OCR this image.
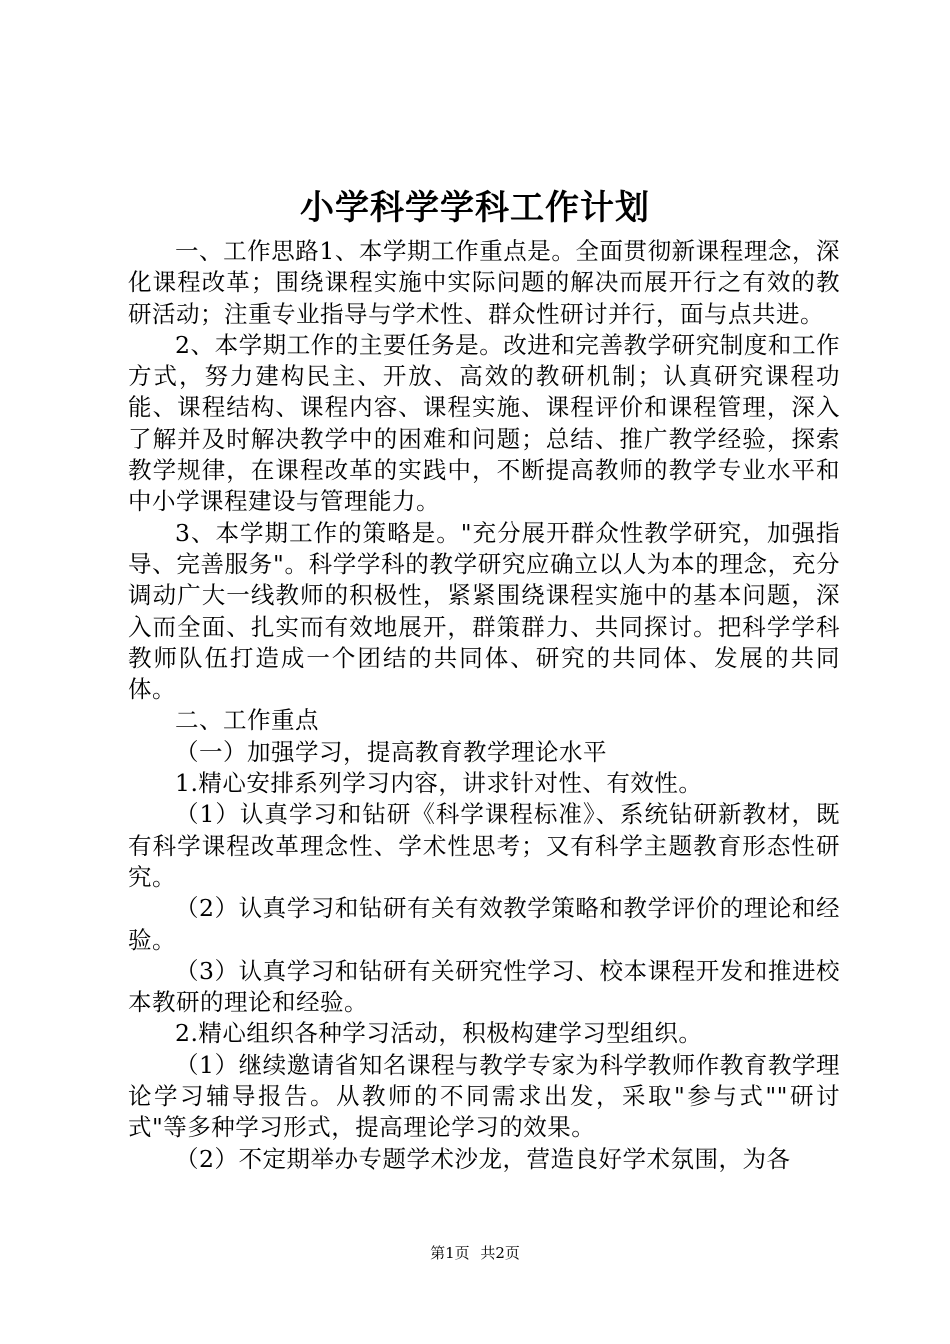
小学科学学科工作计划

一、工作思路1、本学期工作重点是。全面贯彻新课程理念，深化课程改革；围绕课程实施中实际问题的解决而展开行之有效的教研活动；注重专业指导与学术性、群众性研讨并行，面与点共进。

2、本学期工作的主要任务是。改进和完善教学研究制度和工作方式，努力建构民主、开放、高效的教研机制；认真研究课程功能、课程结构、课程内容、课程实施、课程评价和课程管理，深入了解并及时解决教学中的困难和问题；总结、推广教学经验，探索教学规律，在课程改革的实践中，不断提高教师的教学专业水平和中小学课程建设与管理能力。

3、本学期工作的策略是。"充分展开群众性教学研究，加强指导、完善服务"。科学学科的教学研究应确立以人为本的理念，充分调动广大一线教师的积极性，紧紧围绕课程实施中的基本问题，深入而全面、扎实而有效地展开，群策群力、共同探讨。把科学学科教师队伍打造成一个团结的共同体、研究的共同体、发展的共同体。

二、工作重点

（一）加强学习，提高教育教学理论水平

1.精心安排系列学习内容，讲求针对性、有效性。

（1）认真学习和钻研《科学课程标准》、系统钻研新教材，既有科学课程改革理念性、学术性思考；又有科学主题教育形态性研究。

（2）认真学习和钻研有关有效教学策略和教学评价的理论和经验。

（3）认真学习和钻研有关研究性学习、校本课程开发和推进校本教研的理论和经验。

2.精心组织各种学习活动，积极构建学习型组织。

（1）继续邀请省知名课程与教学专家为科学教师作教育教学理论学习辅导报告。从教师的不同需求出发，采取"参与式""研讨式"等多种学习形式，提高理论学习的效果。

（2）不定期举办专题学术沙龙，营造良好学术氛围，为各

第1页 共2页
